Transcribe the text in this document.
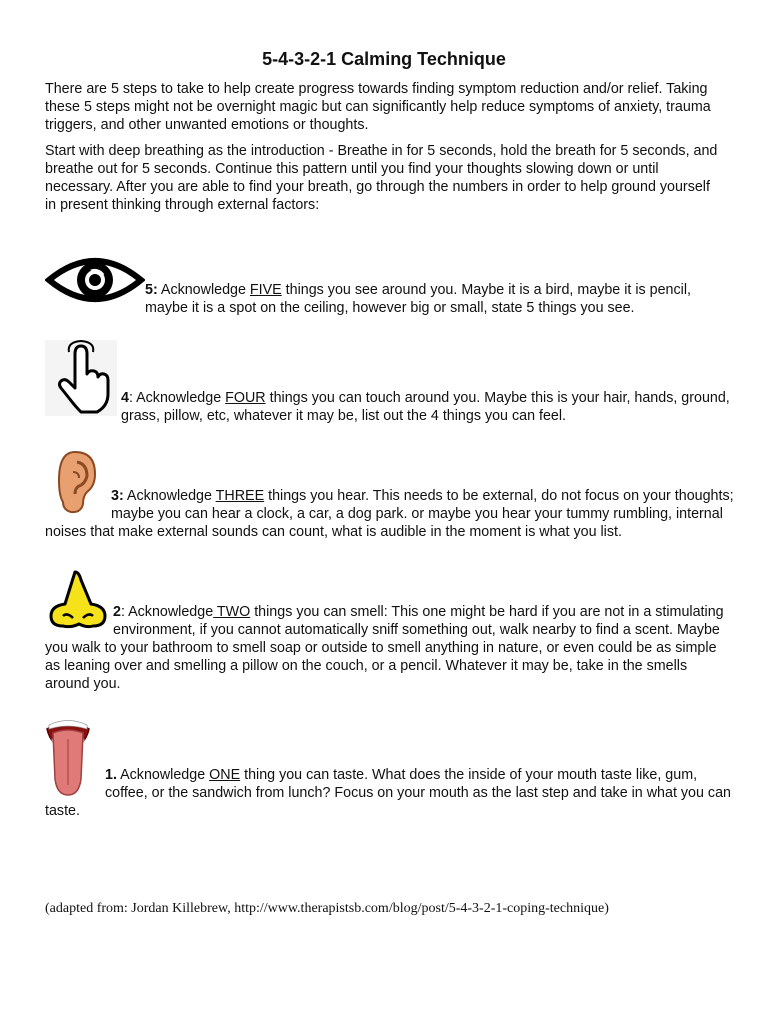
5-4-3-2-1 Calming Technique

There are 5 steps to take to help create progress towards finding symptom reduction and/or relief. Taking these 5 steps might not be overnight magic but can significantly help reduce symptoms of anxiety, trauma triggers, and other unwanted emotions or thoughts.

Start with deep breathing as the introduction - Breathe in for 5 seconds, hold the breath for 5 seconds, and breathe out for 5 seconds. Continue this pattern until you find your thoughts slowing down or until necessary. After you are able to find your breath, go through the numbers in order to help ground yourself in present thinking through external factors:

5: Acknowledge FIVE things you see around you. Maybe it is a bird, maybe it is pencil, maybe it is a spot on the ceiling, however big or small, state 5 things you see.

4: Acknowledge FOUR things you can touch around you. Maybe this is your hair, hands, ground, grass, pillow, etc, whatever it may be, list out the 4 things you can feel.

3: Acknowledge THREE things you hear. This needs to be external, do not focus on your thoughts; maybe you can hear a clock, a car, a dog park. or maybe you hear your tummy rumbling, internal noises that make external sounds can count, what is audible in the moment is what you list.

2: Acknowledge TWO things you can smell: This one might be hard if you are not in a stimulating environment, if you cannot automatically sniff something out, walk nearby to find a scent. Maybe you walk to your bathroom to smell soap or outside to smell anything in nature, or even could be as simple as leaning over and smelling a pillow on the couch, or a pencil. Whatever it may be, take in the smells around you.

1. Acknowledge ONE thing you can taste. What does the inside of your mouth taste like, gum, coffee, or the sandwich from lunch? Focus on your mouth as the last step and take in what you can taste.

(adapted from: Jordan Killebrew, http://www.therapistsb.com/blog/post/5-4-3-2-1-coping-technique)
